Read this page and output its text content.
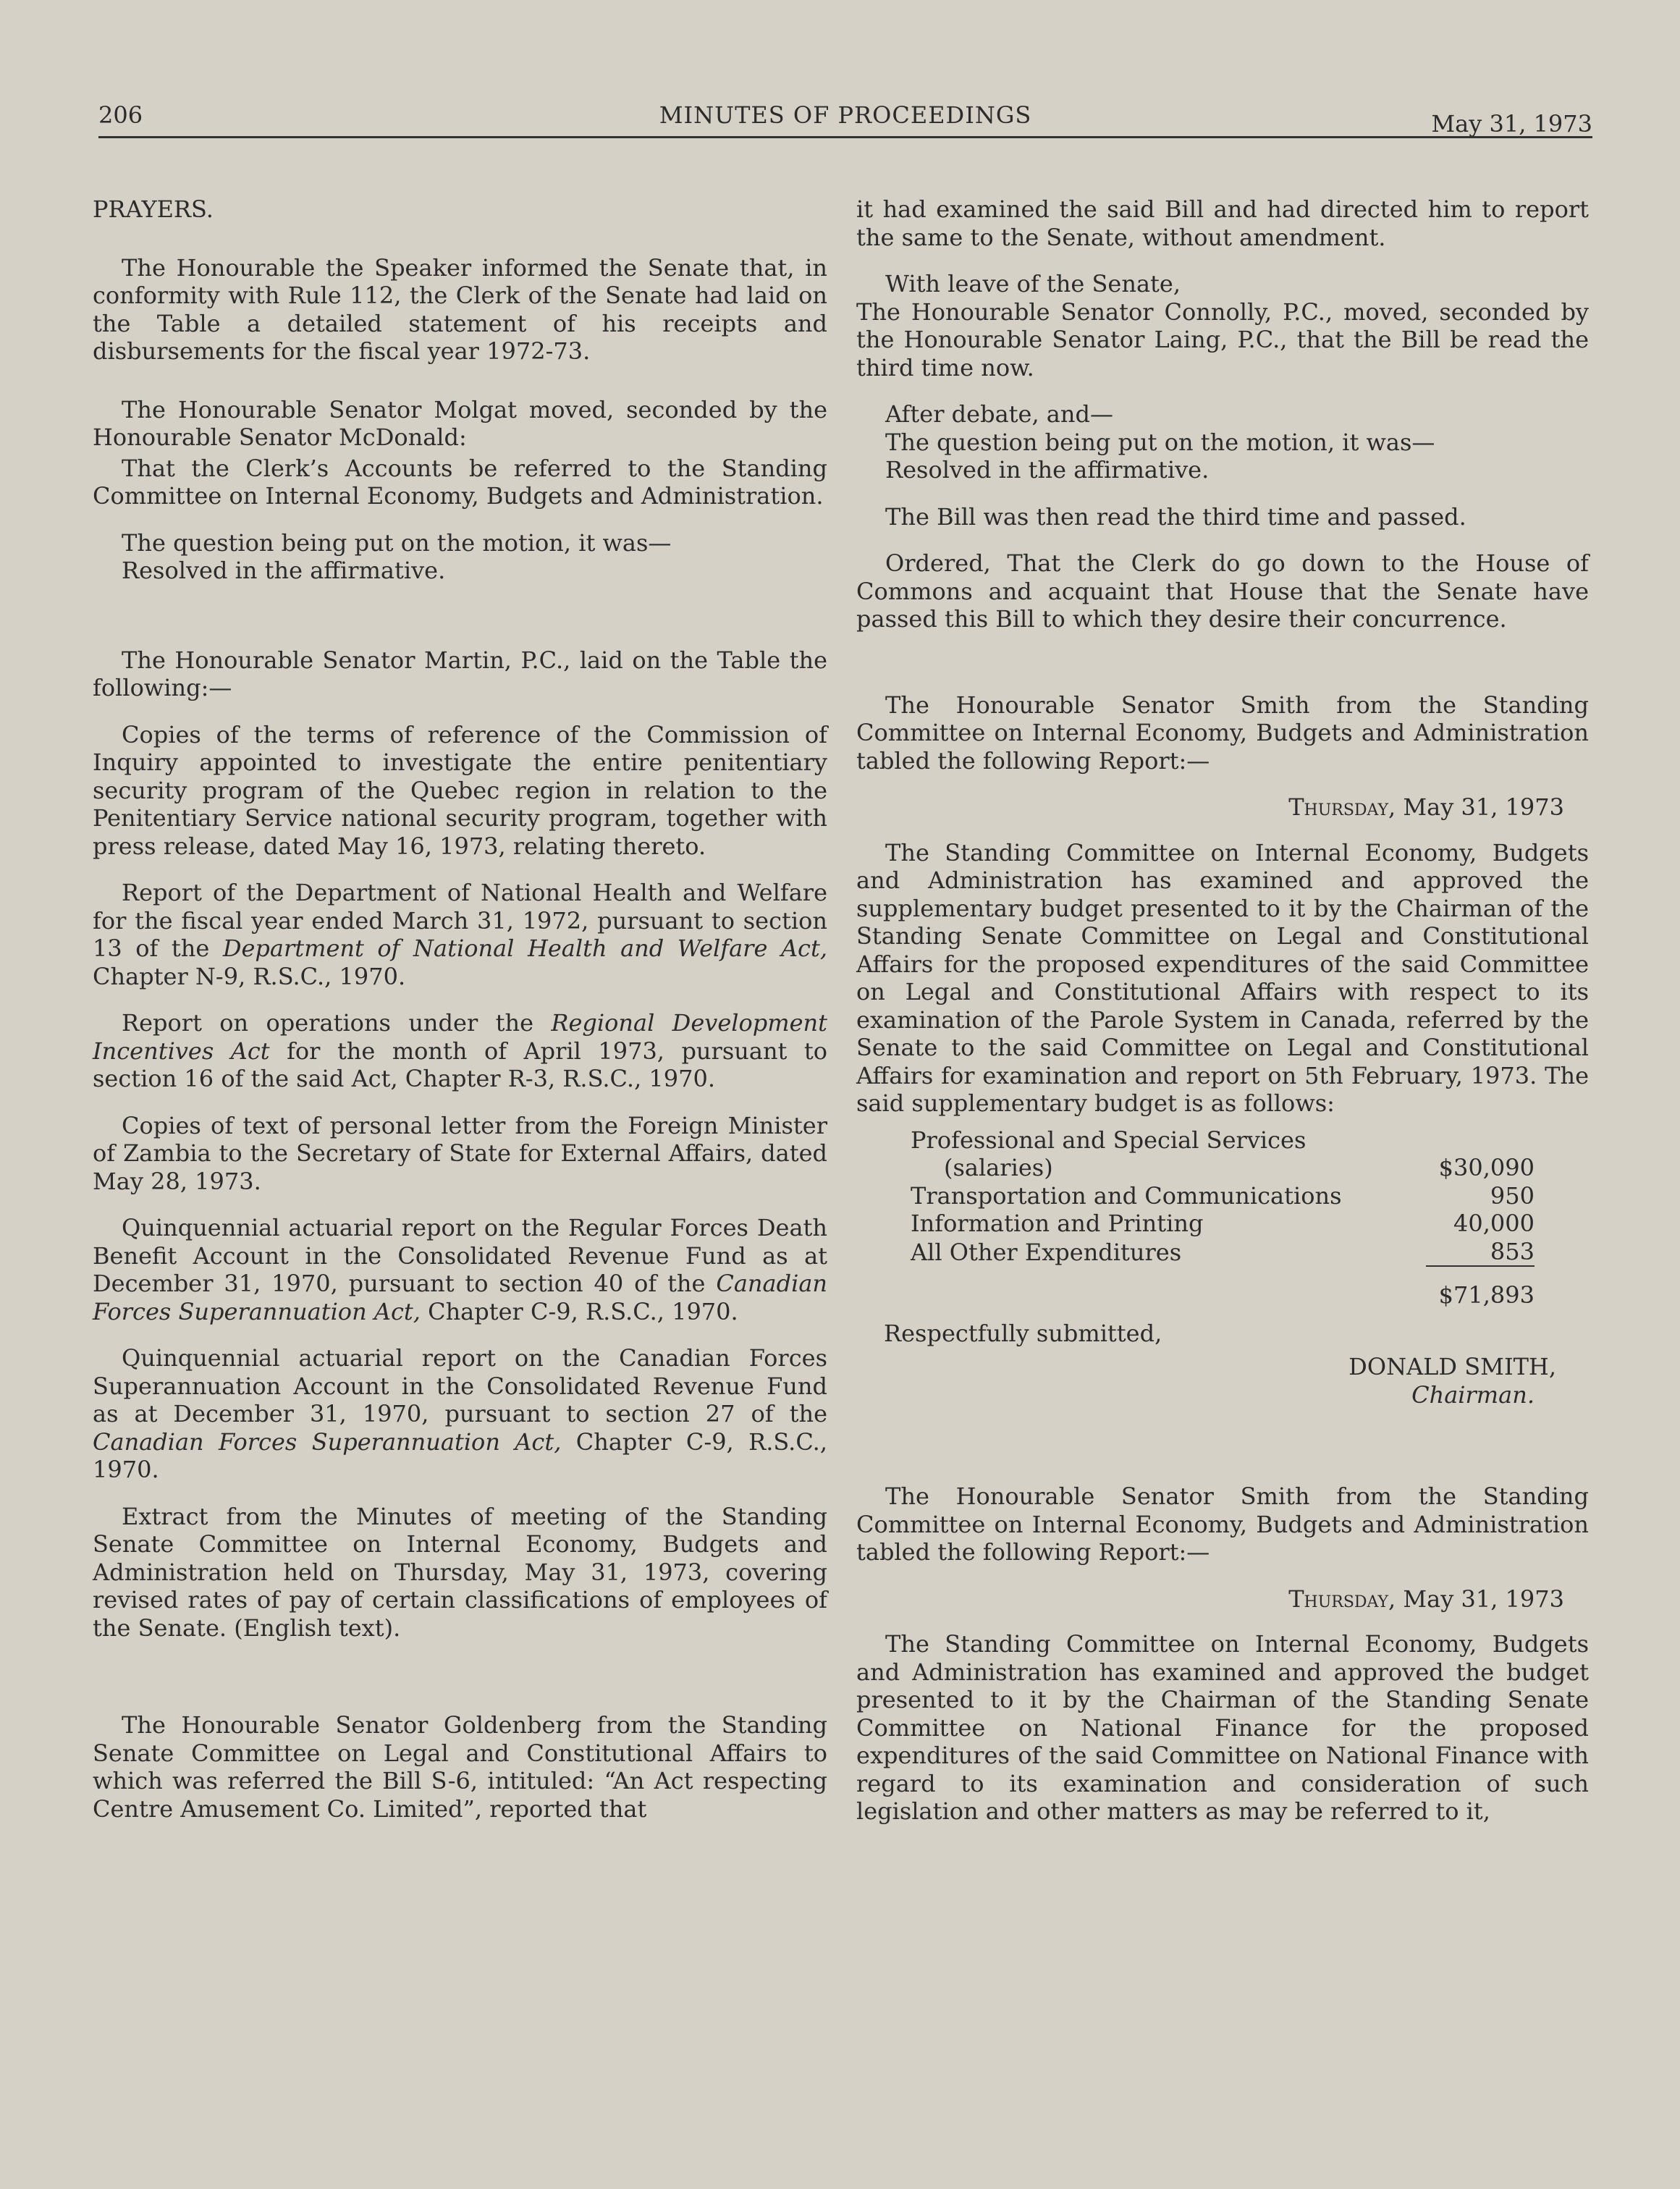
206	MINUTES OF PROCEEDINGS	May 31, 1973

PRAYERS.

The Honourable the Speaker informed the Senate that, in conformity with Rule 112, the Clerk of the Senate had laid on the Table a detailed statement of his receipts and disbursements for the fiscal year 1972-73.

The Honourable Senator Molgat moved, seconded by the Honourable Senator McDonald:

That the Clerk’s Accounts be referred to the Standing Committee on Internal Economy, Budgets and Administration.

The question being put on the motion, it was—

Resolved in the affirmative.

The Honourable Senator Martin, P.C., laid on the Table the following:—

Copies of the terms of reference of the Commission of Inquiry appointed to investigate the entire penitentiary security program of the Quebec region in relation to the Penitentiary Service national security program, together with press release, dated May 16, 1973, relating thereto.

Report of the Department of National Health and Welfare for the fiscal year ended March 31, 1972, pursuant to section 13 of the Department of National Health and Welfare Act, Chapter N-9, R.S.C., 1970.

Report on operations under the Regional Development Incentives Act for the month of April 1973, pursuant to section 16 of the said Act, Chapter R-3, R.S.C., 1970.

Copies of text of personal letter from the Foreign Minister of Zambia to the Secretary of State for External Affairs, dated May 28, 1973.

Quinquennial actuarial report on the Regular Forces Death Benefit Account in the Consolidated Revenue Fund as at December 31, 1970, pursuant to section 40 of the Canadian Forces Superannuation Act, Chapter C-9, R.S.C., 1970.

Quinquennial actuarial report on the Canadian Forces Superannuation Account in the Consolidated Revenue Fund as at December 31, 1970, pursuant to section 27 of the Canadian Forces Superannuation Act, Chapter C-9, R.S.C., 1970.

Extract from the Minutes of meeting of the Standing Senate Committee on Internal Economy, Budgets and Administration held on Thursday, May 31, 1973, covering revised rates of pay of certain classifications of employees of the Senate. (English text).

The Honourable Senator Goldenberg from the Standing Senate Committee on Legal and Constitutional Affairs to which was referred the Bill S-6, intituled: “An Act respecting Centre Amusement Co. Limited”, reported that

it had examined the said Bill and had directed him to report the same to the Senate, without amendment.

With leave of the Senate,

The Honourable Senator Connolly, P.C., moved, seconded by the Honourable Senator Laing, P.C., that the Bill be read the third time now.

After debate, and—

The question being put on the motion, it was—

Resolved in the affirmative.

The Bill was then read the third time and passed.

Ordered, That the Clerk do go down to the House of Commons and acquaint that House that the Senate have passed this Bill to which they desire their concurrence.

The Honourable Senator Smith from the Standing Committee on Internal Economy, Budgets and Administration tabled the following Report:—

Thursday, May 31, 1973

The Standing Committee on Internal Economy, Budgets and Administration has examined and approved the supplementary budget presented to it by the Chairman of the Standing Senate Committee on Legal and Constitutional Affairs for the proposed expenditures of the said Committee on Legal and Constitutional Affairs with respect to its examination of the Parole System in Canada, referred by the Senate to the said Committee on Legal and Constitutional Affairs for examination and report on 5th February, 1973. The said supplementary budget is as follows:

Professional and Special Services	
(salaries)	$30,090
Transportation and Communications	950
Information and Printing	40,000
All Other Expenditures	853
	$71,893

Respectfully submitted,

DONALD SMITH,
Chairman.

The Honourable Senator Smith from the Standing Committee on Internal Economy, Budgets and Administration tabled the following Report:—

Thursday, May 31, 1973

The Standing Committee on Internal Economy, Budgets and Administration has examined and approved the budget presented to it by the Chairman of the Standing Senate Committee on National Finance for the proposed expenditures of the said Committee on National Finance with regard to its examination and consideration of such legislation and other matters as may be referred to it,
